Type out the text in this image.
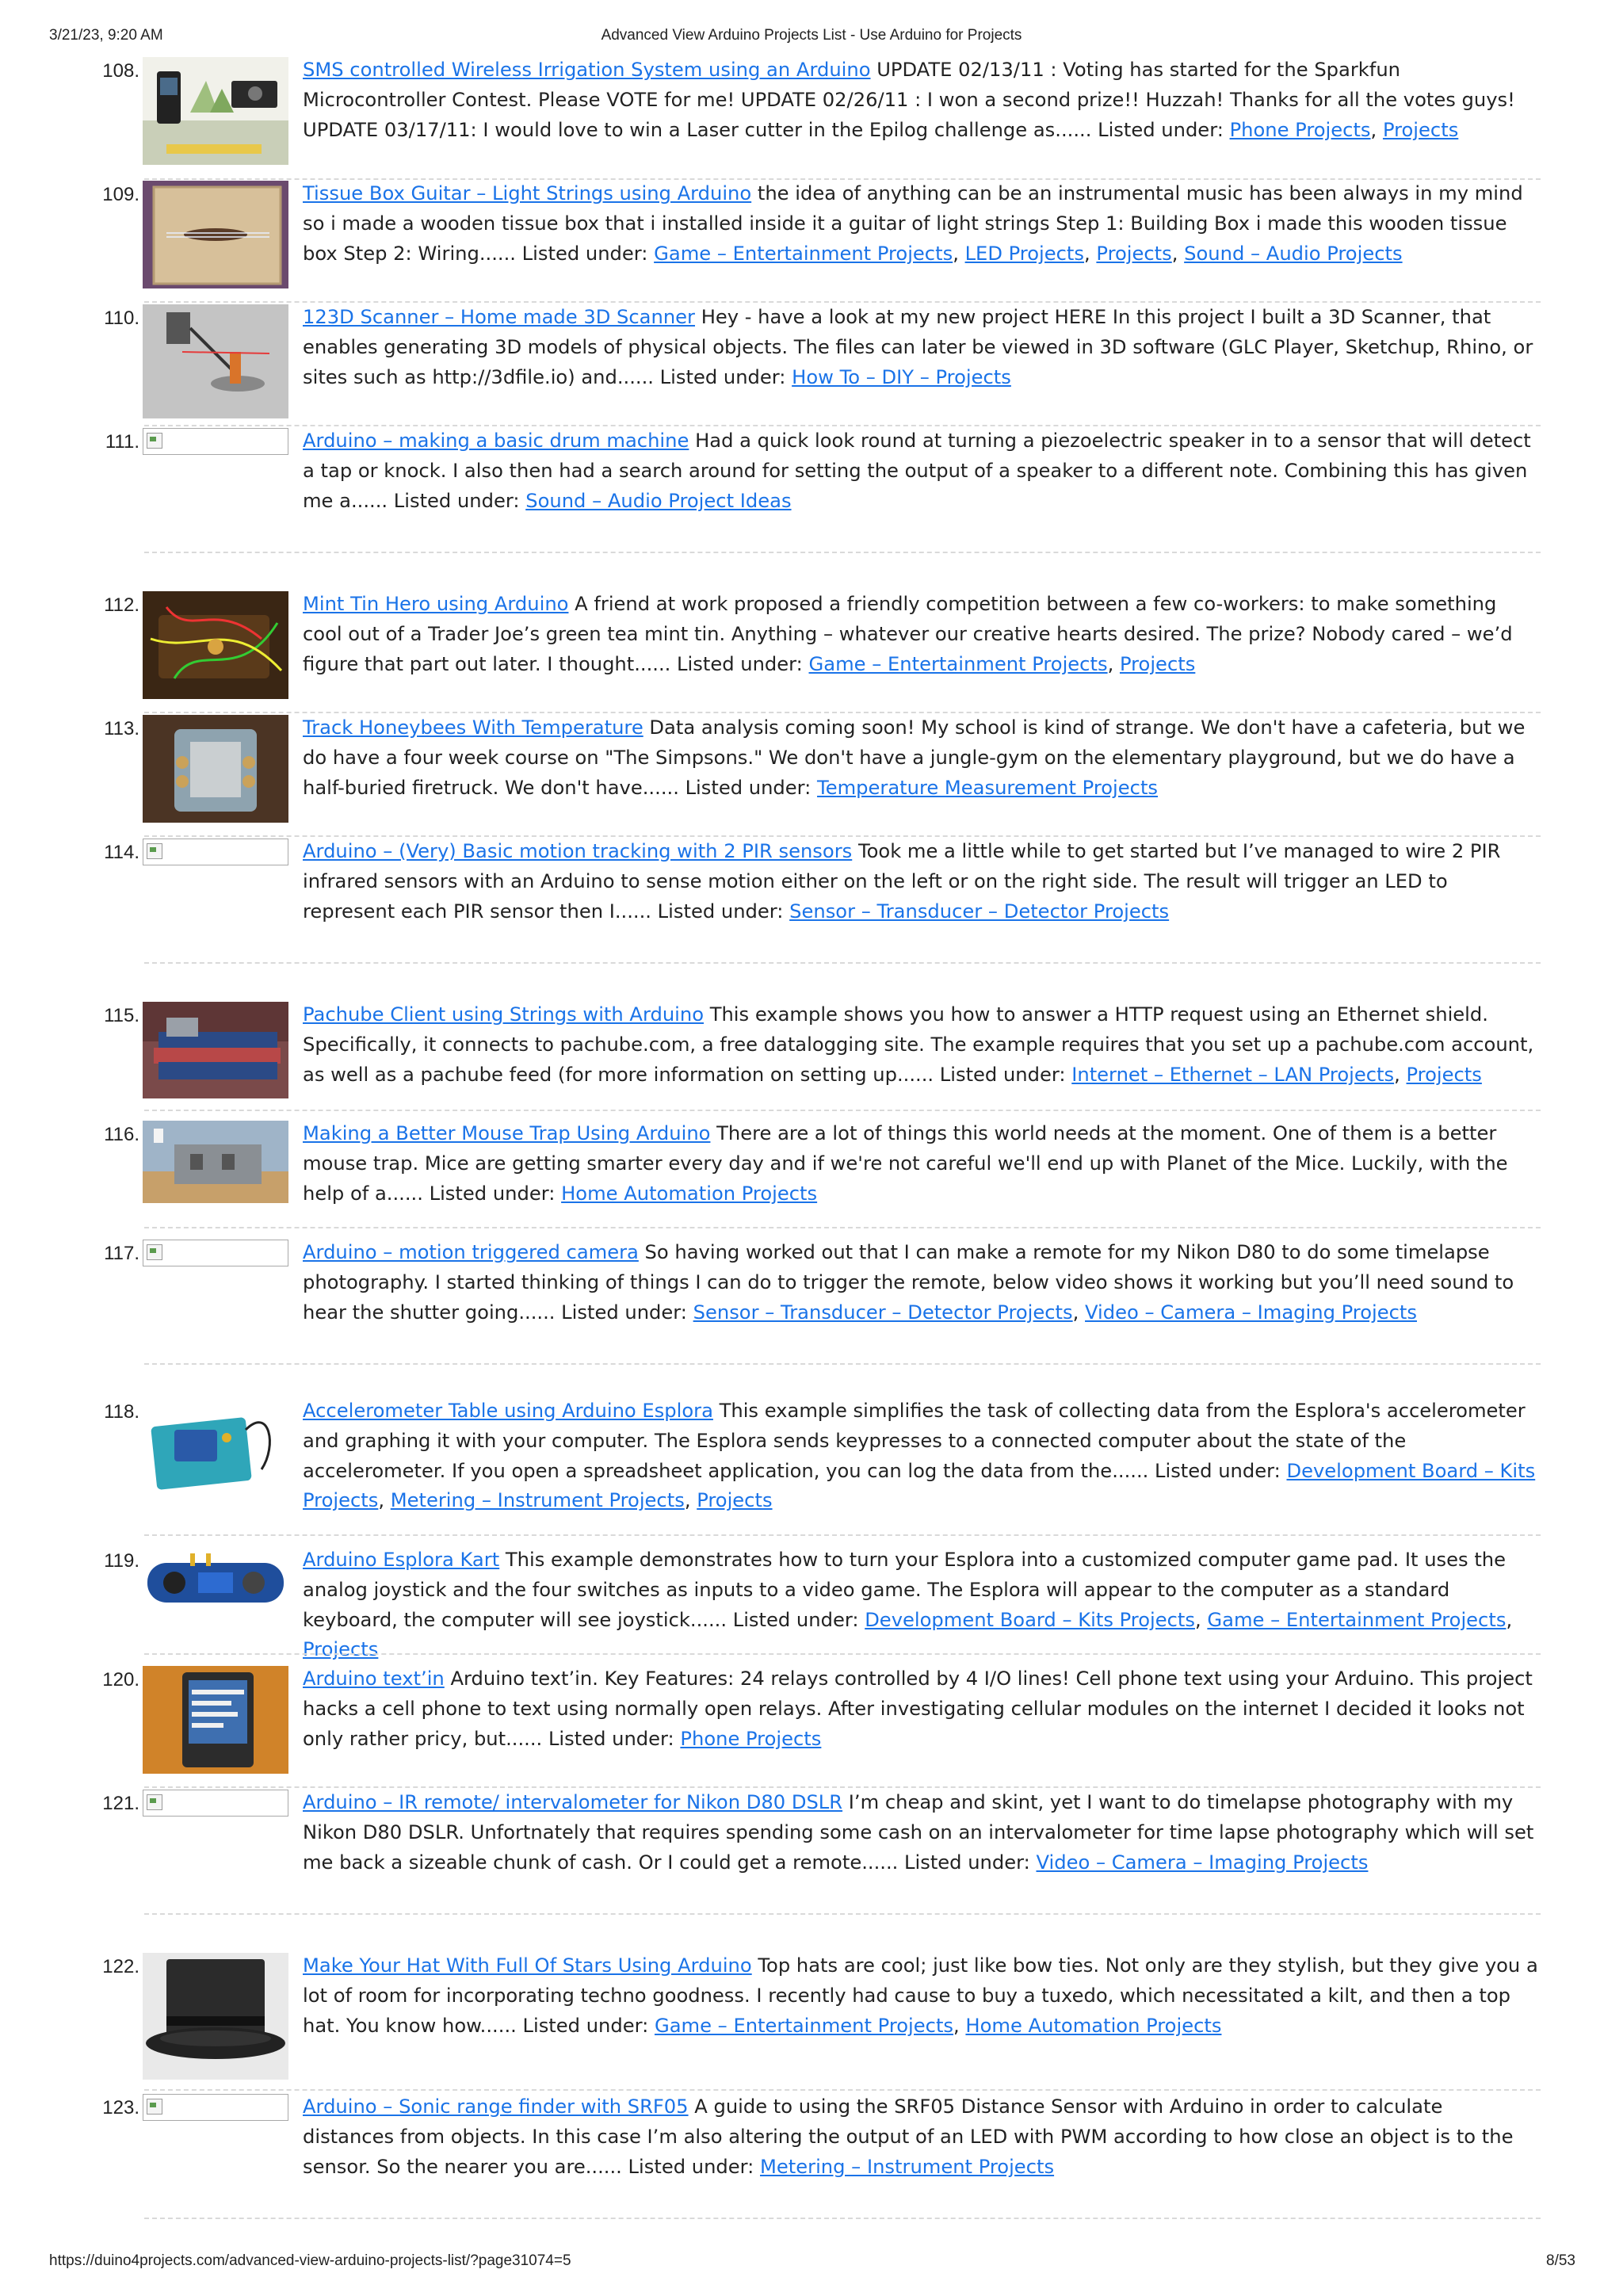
3/21/23, 9:20 AM	Advanced View Arduino Projects List - Use Arduino for Projects
108.	SMS controlled Wireless Irrigation System using an Arduino UPDATE 02/13/11 : Voting has started for the Sparkfun Microcontroller Contest. Please VOTE for me! UPDATE 02/26/11 : I won a second prize!! Huzzah! Thanks for all the votes guys! UPDATE 03/17/11: I would love to win a Laser cutter in the Epilog challenge as...... Listed under: Phone Projects, Projects
109.	Tissue Box Guitar – Light Strings using Arduino the idea of anything can be an instrumental music has been always in my mind so i made a wooden tissue box that i installed inside it a guitar of light strings Step 1: Building Box i made this wooden tissue box Step 2: Wiring...... Listed under: Game – Entertainment Projects, LED Projects, Projects, Sound – Audio Projects
110.	123D Scanner – Home made 3D Scanner Hey - have a look at my new project HERE In this project I built a 3D Scanner, that enables generating 3D models of physical objects. The files can later be viewed in 3D software (GLC Player, Sketchup, Rhino, or sites such as http://3dfile.io) and...... Listed under: How To – DIY – Projects
111.	Arduino – making a basic drum machine Had a quick look round at turning a piezoelectric speaker in to a sensor that will detect a tap or knock. I also then had a search around for setting the output of a speaker to a different note. Combining this has given me a...... Listed under: Sound – Audio Project Ideas
112.	Mint Tin Hero using Arduino A friend at work proposed a friendly competition between a few co-workers: to make something cool out of a Trader Joe’s green tea mint tin. Anything – whatever our creative hearts desired. The prize? Nobody cared – we’d figure that part out later. I thought...... Listed under: Game – Entertainment Projects, Projects
113.	Track Honeybees With Temperature Data analysis coming soon! My school is kind of strange. We don't have a cafeteria, but we do have a four week course on "The Simpsons." We don't have a jungle-gym on the elementary playground, but we do have a half-buried firetruck. We don't have...... Listed under: Temperature Measurement Projects
114.	Arduino – (Very) Basic motion tracking with 2 PIR sensors Took me a little while to get started but I’ve managed to wire 2 PIR infrared sensors with an Arduino to sense motion either on the left or on the right side. The result will trigger an LED to represent each PIR sensor then I...... Listed under: Sensor – Transducer – Detector Projects
115.	Pachube Client using Strings with Arduino This example shows you how to answer a HTTP request using an Ethernet shield. Specifically, it connects to pachube.com, a free datalogging site. The example requires that you set up a pachube.com account, as well as a pachube feed (for more information on setting up...... Listed under: Internet – Ethernet – LAN Projects, Projects
116.	Making a Better Mouse Trap Using Arduino There are a lot of things this world needs at the moment. One of them is a better mouse trap. Mice are getting smarter every day and if we're not careful we'll end up with Planet of the Mice. Luckily, with the help of a...... Listed under: Home Automation Projects
117.	Arduino – motion triggered camera So having worked out that I can make a remote for my Nikon D80 to do some timelapse photography. I started thinking of things I can do to trigger the remote, below video shows it working but you’ll need sound to hear the shutter going...... Listed under: Sensor – Transducer – Detector Projects, Video – Camera – Imaging Projects
118.	Accelerometer Table using Arduino Esplora This example simplifies the task of collecting data from the Esplora's accelerometer and graphing it with your computer. The Esplora sends keypresses to a connected computer about the state of the accelerometer. If you open a spreadsheet application, you can log the data from the...... Listed under: Development Board – Kits Projects, Metering – Instrument Projects, Projects
119.	Arduino Esplora Kart This example demonstrates how to turn your Esplora into a customized computer game pad. It uses the analog joystick and the four switches as inputs to a video game. The Esplora will appear to the computer as a standard keyboard, the computer will see joystick...... Listed under: Development Board – Kits Projects, Game – Entertainment Projects, Projects
120.	Arduino text’in Arduino text’in. Key Features: 24 relays controlled by 4 I/O lines! Cell phone text using your Arduino. This project hacks a cell phone to text using normally open relays. After investigating cellular modules on the internet I decided it looks not only rather pricy, but...... Listed under: Phone Projects
121.	Arduino – IR remote/ intervalometer for Nikon D80 DSLR I’m cheap and skint, yet I want to do timelapse photography with my Nikon D80 DSLR. Unfortnately that requires spending some cash on an intervalometer for time lapse photography which will set me back a sizeable chunk of cash. Or I could get a remote...... Listed under: Video – Camera – Imaging Projects
122.	Make Your Hat With Full Of Stars Using Arduino Top hats are cool; just like bow ties. Not only are they stylish, but they give you a lot of room for incorporating techno goodness. I recently had cause to buy a tuxedo, which necessitated a kilt, and then a top hat. You know how...... Listed under: Game – Entertainment Projects, Home Automation Projects
123.	Arduino – Sonic range finder with SRF05 A guide to using the SRF05 Distance Sensor with Arduino in order to calculate distances from objects. In this case I’m also altering the output of an LED with PWM according to how close an object is to the sensor. So the nearer you are...... Listed under: Metering – Instrument Projects
https://duino4projects.com/advanced-view-arduino-projects-list/?page31074=5	8/53
